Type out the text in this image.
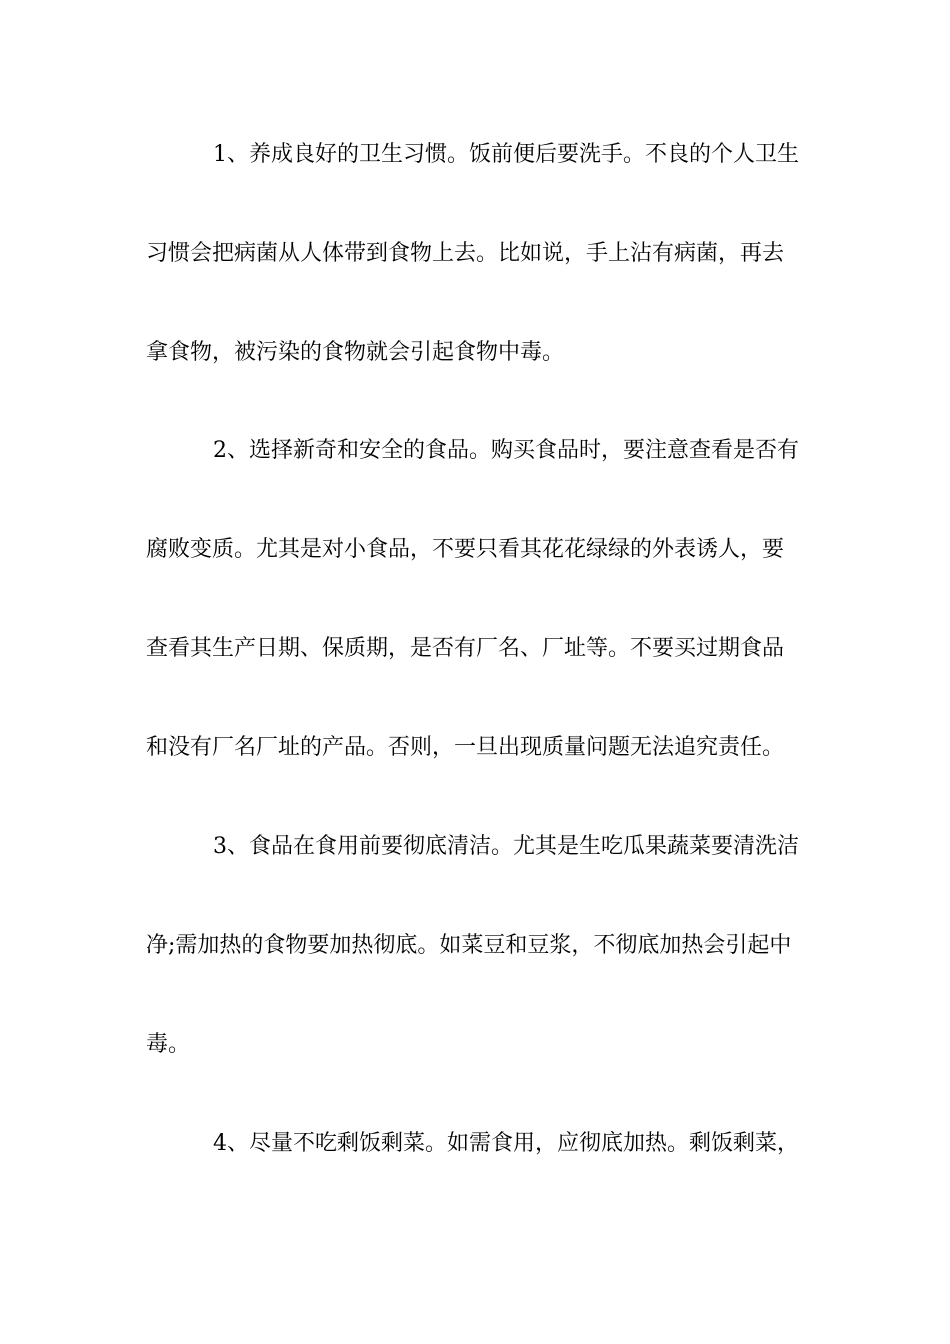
1、养成良好的卫生习惯。饭前便后要洗手。不良的个人卫生
习惯会把病菌从人体带到食物上去。比如说，手上沾有病菌，再去
拿食物，被污染的食物就会引起食物中毒。
2、选择新奇和安全的食品。购买食品时，要注意查看是否有
腐败变质。尤其是对小食品，不要只看其花花绿绿的外表诱人，要
查看其生产日期、保质期，是否有厂名、厂址等。不要买过期食品
和没有厂名厂址的产品。否则，一旦出现质量问题无法追究责任。
3、食品在食用前要彻底清洁。尤其是生吃瓜果蔬菜要清洗洁
净;需加热的食物要加热彻底。如菜豆和豆浆，不彻底加热会引起中
毒。
4、尽量不吃剩饭剩菜。如需食用，应彻底加热。剩饭剩菜，
